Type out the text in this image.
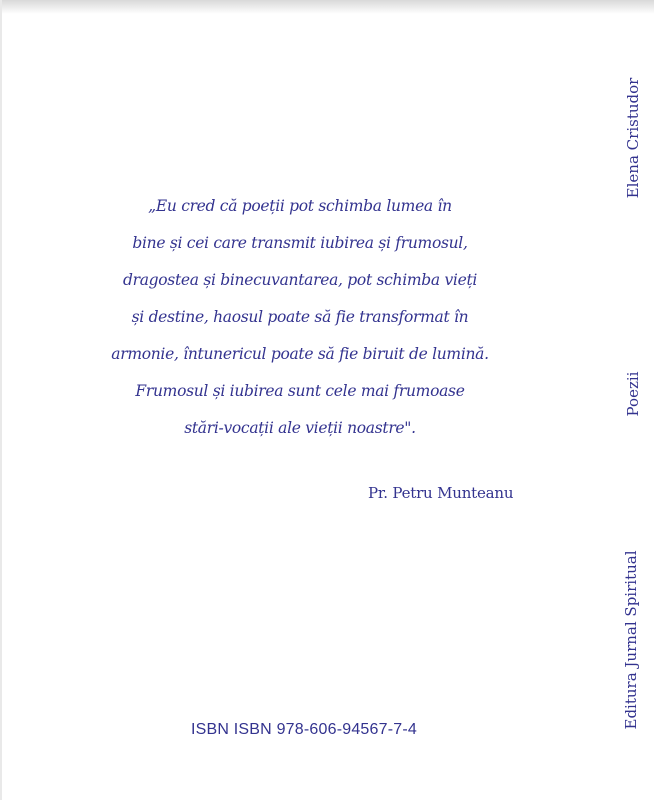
„Eu cred că poeții pot schimba lumea în
bine și cei care transmit iubirea și frumosul,
dragostea și binecuvantarea, pot schimba vieți
și destine, haosul poate să fie transformat în
armonie, întunericul poate să fie biruit de lumină.
Frumosul și iubirea sunt cele mai frumoase
stări-vocații ale vieții noastre".
Pr. Petru Munteanu
ISBN ISBN 978-606-94567-7-4
Elena Cristudor
Poezii
Editura Jurnal Spiritual
